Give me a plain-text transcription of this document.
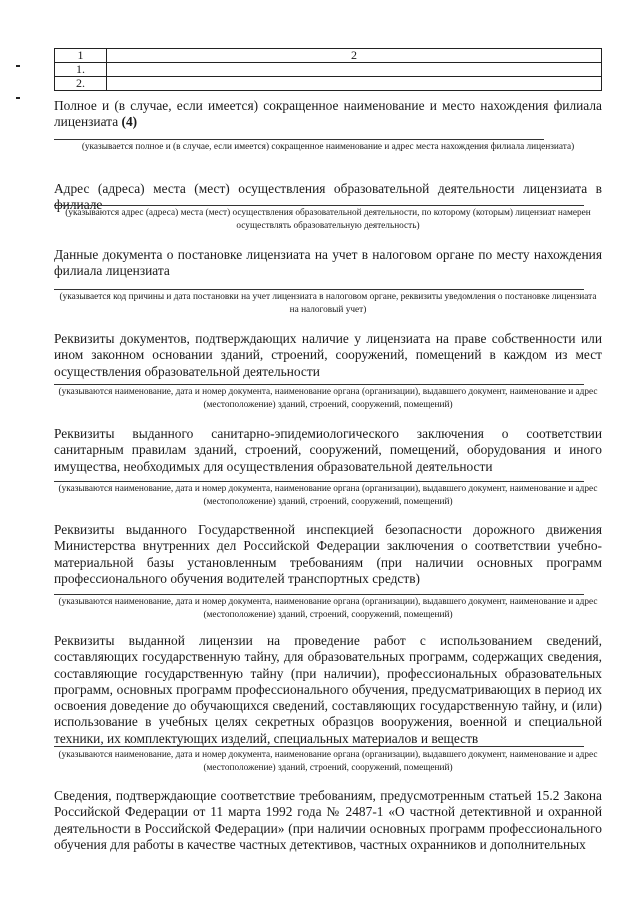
1	2
1.	
2.	
Полное и (в случае, если имеется) сокращенное наименование и место нахождения филиала лицензиата (4)
(указывается полное и (в случае, если имеется) сокращенное наименование и адрес места нахождения филиала лицензиата)
Адрес (адреса) места (мест) осуществления образовательной деятельности лицензиата в филиале
(указываются адрес (адреса) места (мест) осуществления образовательной деятельности, по которому (которым) лицензиат намерен осуществлять образовательную деятельность)
Данные документа о постановке лицензиата на учет в налоговом органе по месту нахождения филиала лицензиата
(указывается код причины и дата постановки на учет лицензиата в налоговом органе, реквизиты уведомления о постановке лицензиата на налоговый учет)
Реквизиты документов, подтверждающих наличие у лицензиата на праве собственности или ином законном основании зданий, строений, сооружений, помещений в каждом из мест осуществления образовательной деятельности
(указываются наименование, дата и номер документа, наименование органа (организации), выдавшего документ, наименование и адрес (местоположение) зданий, строений, сооружений, помещений)
Реквизиты выданного санитарно-эпидемиологического заключения о соответствии санитарным правилам зданий, строений, сооружений, помещений, оборудования и иного имущества, необходимых для осуществления образовательной деятельности
(указываются наименование, дата и номер документа, наименование органа (организации), выдавшего документ, наименование и адрес (местоположение) зданий, строений, сооружений, помещений)
Реквизиты выданного Государственной инспекцией безопасности дорожного движения Министерства внутренних дел Российской Федерации заключения о соответствии учебно-материальной базы установленным требованиям (при наличии основных программ профессионального обучения водителей транспортных средств)
(указываются наименование, дата и номер документа, наименование органа (организации), выдавшего документ, наименование и адрес (местоположение) зданий, строений, сооружений, помещений)
Реквизиты выданной лицензии на проведение работ с использованием сведений, составляющих государственную тайну, для образовательных программ, содержащих сведения, составляющие государственную тайну (при наличии), профессиональных образовательных программ, основных программ профессионального обучения, предусматривающих в период их освоения доведение до обучающихся сведений, составляющих государственную тайну, и (или) использование в учебных целях секретных образцов вооружения, военной и специальной техники, их комплектующих изделий, специальных материалов и веществ
(указываются наименование, дата и номер документа, наименование органа (организации), выдавшего документ, наименование и адрес (местоположение) зданий, строений, сооружений, помещений)
Сведения, подтверждающие соответствие требованиям, предусмотренным статьей 15.2 Закона Российской Федерации от 11 марта 1992 года № 2487-1 «О частной детективной и охранной деятельности в Российской Федерации» (при наличии основных программ профессионального обучения для работы в качестве частных детективов, частных охранников и дополнительных
